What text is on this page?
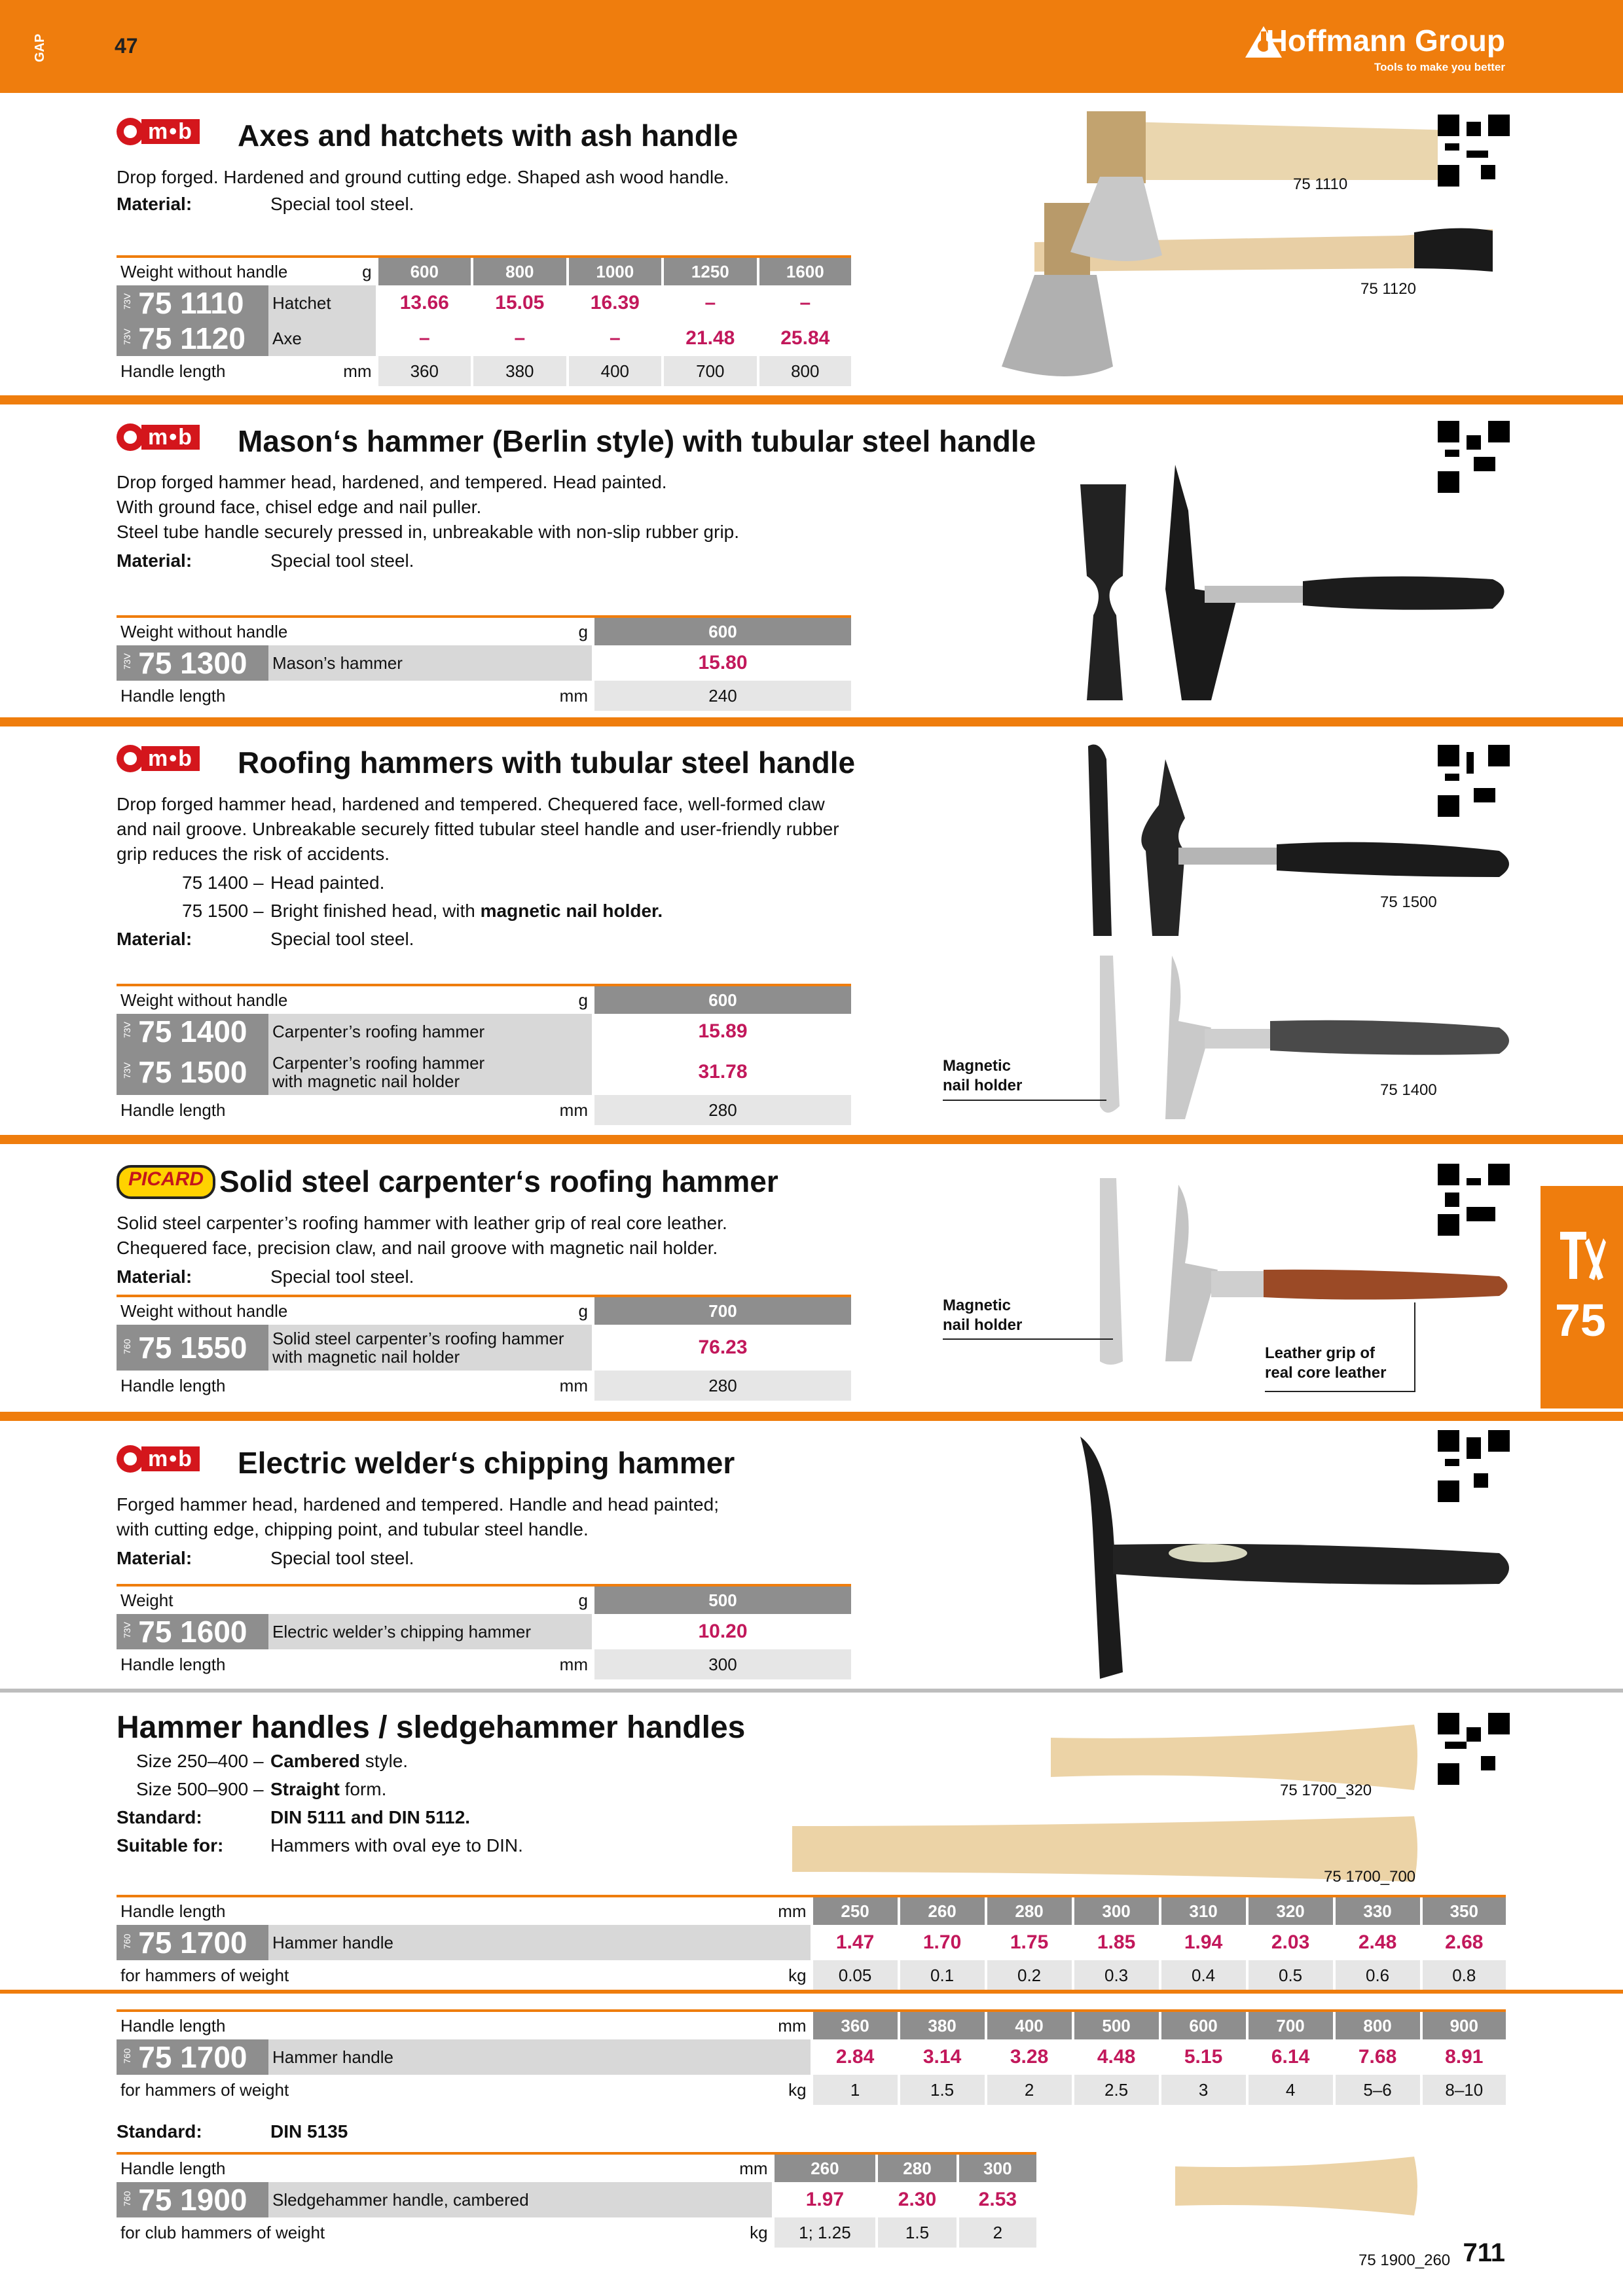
GAP	47	Hoffmann Group
Tools to make you better
m•b Axes and hatchets with ash handle
Drop forged. Hardened and ground cutting edge. Shaped ash wood handle.
Material:	Special tool steel.
Weight without handle		g	600	800	1000	1250	1600
73V 75 1110	Hatchet		13.66	15.05	16.39	–	–
73V 75 1120	Axe		–	–	–	21.48	25.84
Handle length		mm	360	380	400	700	800
75 1110
75 1120
m•b Mason‘s hammer (Berlin style) with tubular steel handle
Drop forged hammer head, hardened, and tempered. Head painted.
With ground face, chisel edge and nail puller.
Steel tube handle securely pressed in, unbreakable with non-slip rubber grip.
Material:	Special tool steel.
Weight without handle		g	600
73V 75 1300	Mason’s hammer		15.80
Handle length		mm	240
m•b Roofing hammers with tubular steel handle
Drop forged hammer head, hardened and tempered. Chequered face, well-formed claw
and nail groove. Unbreakable securely fitted tubular steel handle and user-friendly rubber
grip reduces the risk of accidents.
75 1400 – Head painted.
75 1500 – Bright finished head, with magnetic nail holder.
Material:	Special tool steel.
Weight without handle		g	600
73V 75 1400	Carpenter’s roofing hammer		15.89
73V 75 1500	Carpenter’s roofing hammer
with magnetic nail holder		31.78
Handle length		mm	280
75 1500
75 1400
Magnetic
nail holder
PICARD Solid steel carpenter‘s roofing hammer
Solid steel carpenter’s roofing hammer with leather grip of real core leather.
Chequered face, precision claw, and nail groove with magnetic nail holder.
Material:	Special tool steel.
Weight without handle		g	700
760 75 1550	Solid steel carpenter’s roofing hammer
with magnetic nail holder		76.23
Handle length		mm	280
Magnetic
nail holder
Leather grip of
real core leather
75
m•b Electric welder‘s chipping hammer
Forged hammer head, hardened and tempered. Handle and head painted;
with cutting edge, chipping point, and tubular steel handle.
Material:	Special tool steel.
Weight	g	500
73V 75 1600	Electric welder’s chipping hammer	10.20
Handle length	mm	300
Hammer handles / sledgehammer handles
Size 250–400 – Cambered style.
Size 500–900 – Straight form.
Standard:	DIN 5111 and DIN 5112.
Suitable for:	Hammers with oval eye to DIN.
75 1700_320
75 1700_700
Handle length		mm	250	260	280	300	310	320	330	350
760 75 1700	Hammer handle		1.47	1.70	1.75	1.85	1.94	2.03	2.48	2.68
for hammers of weight		kg	0.05	0.1	0.2	0.3	0.4	0.5	0.6	0.8
Handle length		mm	360	380	400	500	600	700	800	900
760 75 1700	Hammer handle		2.84	3.14	3.28	4.48	5.15	6.14	7.68	8.91
for hammers of weight		kg	1	1.5	2	2.5	3	4	5–6	8–10
Standard:	DIN 5135
Handle length		mm	260	280	300
760 75 1900	Sledgehammer handle, cambered		1.97	2.30	2.53
for club hammers of weight		kg	1; 1.25	1.5	2
75 1900_260 711
